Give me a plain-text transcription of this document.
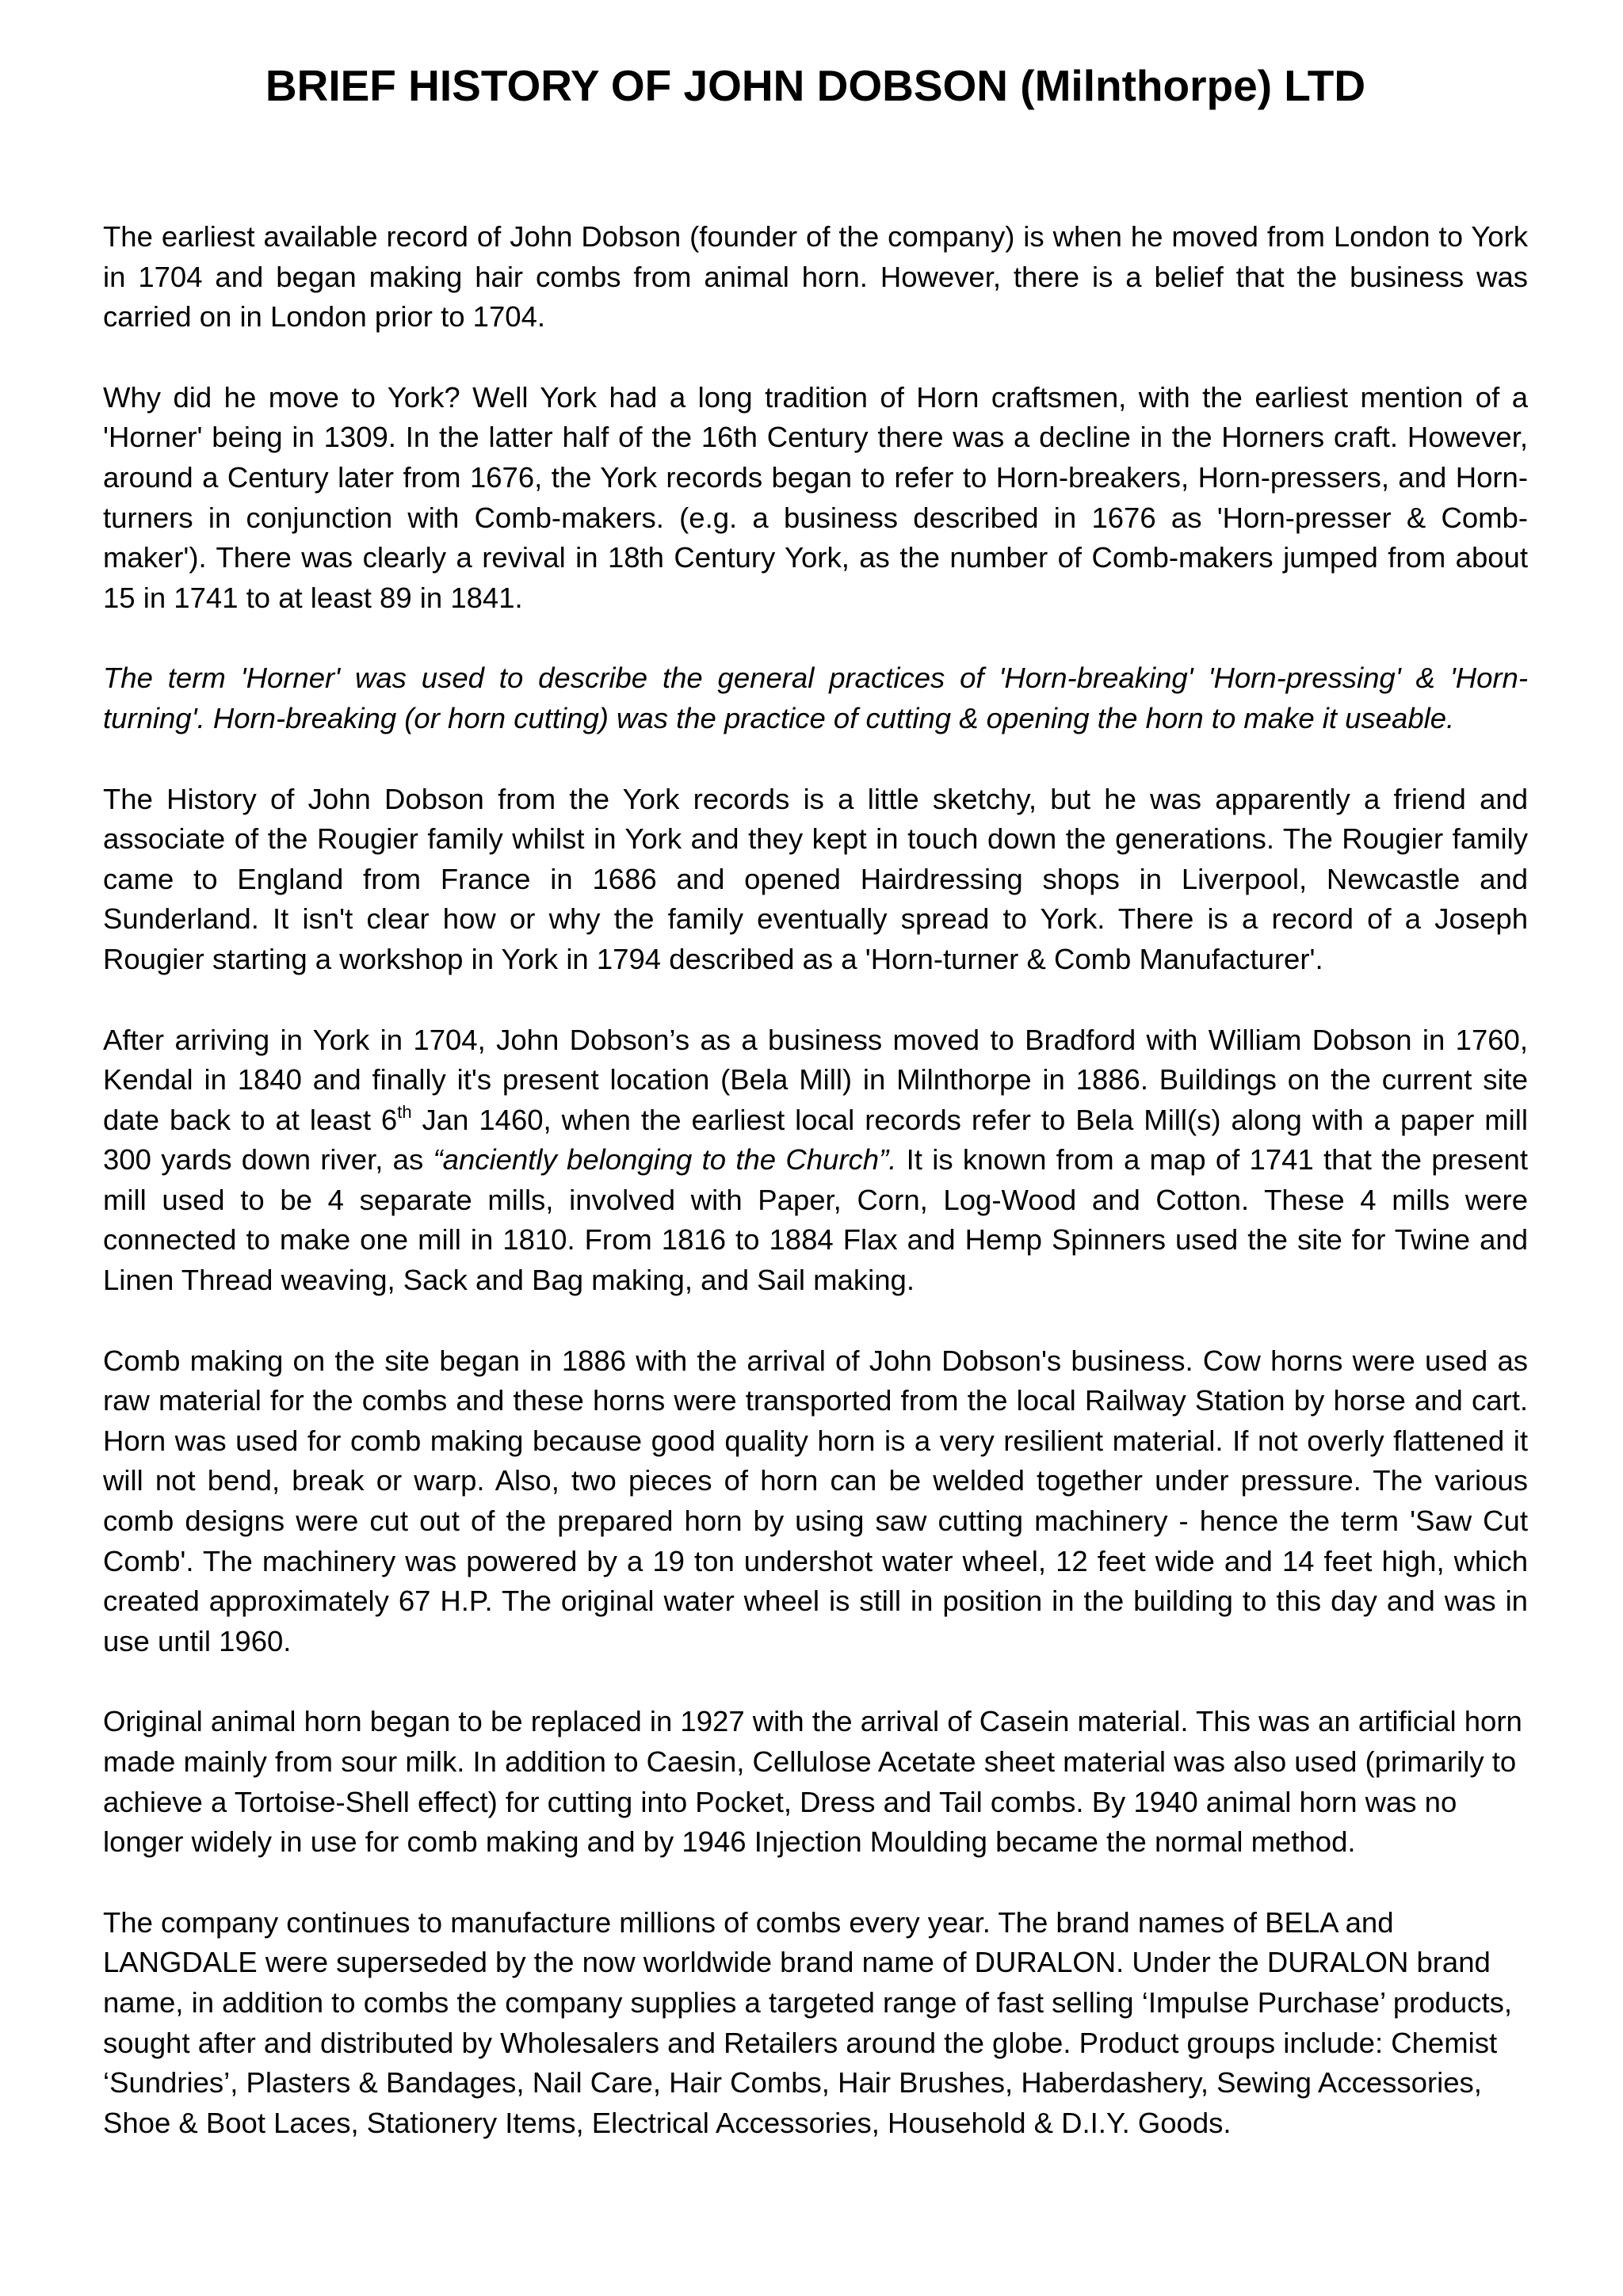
BRIEF HISTORY OF JOHN DOBSON (Milnthorpe) LTD

The earliest available record of John Dobson (founder of the company) is when he moved from London to York in 1704 and began making hair combs from animal horn. However, there is a belief that the business was carried on in London prior to 1704.

Why did he move to York? Well York had a long tradition of Horn craftsmen, with the earliest mention of a 'Horner' being in 1309. In the latter half of the 16th Century there was a decline in the Horners craft. However, around a Century later from 1676, the York records began to refer to Horn-breakers, Horn-pressers, and Horn-turners in conjunction with Comb-makers. (e.g. a business described in 1676 as 'Horn-presser & Comb-maker'). There was clearly a revival in 18th Century York, as the number of Comb-makers jumped from about 15 in 1741 to at least 89 in 1841.

The term 'Horner' was used to describe the general practices of 'Horn-breaking' 'Horn-pressing' & 'Horn-turning'. Horn-breaking (or horn cutting) was the practice of cutting & opening the horn to make it useable.

The History of John Dobson from the York records is a little sketchy, but he was apparently a friend and associate of the Rougier family whilst in York and they kept in touch down the generations. The Rougier family came to England from France in 1686 and opened Hairdressing shops in Liverpool, Newcastle and Sunderland. It isn't clear how or why the family eventually spread to York. There is a record of a Joseph Rougier starting a workshop in York in 1794 described as a 'Horn-turner & Comb Manufacturer'.

After arriving in York in 1704, John Dobson’s as a business moved to Bradford with William Dobson in 1760, Kendal in 1840 and finally it's present location (Bela Mill) in Milnthorpe in 1886. Buildings on the current site date back to at least 6th Jan 1460, when the earliest local records refer to Bela Mill(s) along with a paper mill 300 yards down river, as “anciently belonging to the Church”. It is known from a map of 1741 that the present mill used to be 4 separate mills, involved with Paper, Corn, Log-Wood and Cotton. These 4 mills were connected to make one mill in 1810. From 1816 to 1884 Flax and Hemp Spinners used the site for Twine and Linen Thread weaving, Sack and Bag making, and Sail making.

Comb making on the site began in 1886 with the arrival of John Dobson's business. Cow horns were used as raw material for the combs and these horns were transported from the local Railway Station by horse and cart. Horn was used for comb making because good quality horn is a very resilient material. If not overly flattened it will not bend, break or warp. Also, two pieces of horn can be welded together under pressure. The various comb designs were cut out of the prepared horn by using saw cutting machinery - hence the term 'Saw Cut Comb'. The machinery was powered by a 19 ton undershot water wheel, 12 feet wide and 14 feet high, which created approximately 67 H.P. The original water wheel is still in position in the building to this day and was in use until 1960.

Original animal horn began to be replaced in 1927 with the arrival of Casein material. This was an artificial horn made mainly from sour milk. In addition to Caesin, Cellulose Acetate sheet material was also used (primarily to achieve a Tortoise-Shell effect) for cutting into Pocket, Dress and Tail combs. By 1940 animal horn was no longer widely in use for comb making and by 1946 Injection Moulding became the normal method.

The company continues to manufacture millions of combs every year. The brand names of BELA and LANGDALE were superseded by the now worldwide brand name of DURALON. Under the DURALON brand name, in addition to combs the company supplies a targeted range of fast selling ‘Impulse Purchase’ products, sought after and distributed by Wholesalers and Retailers around the globe. Product groups include: Chemist ‘Sundries’, Plasters & Bandages, Nail Care, Hair Combs, Hair Brushes, Haberdashery, Sewing Accessories, Shoe & Boot Laces, Stationery Items, Electrical Accessories, Household & D.I.Y. Goods.
